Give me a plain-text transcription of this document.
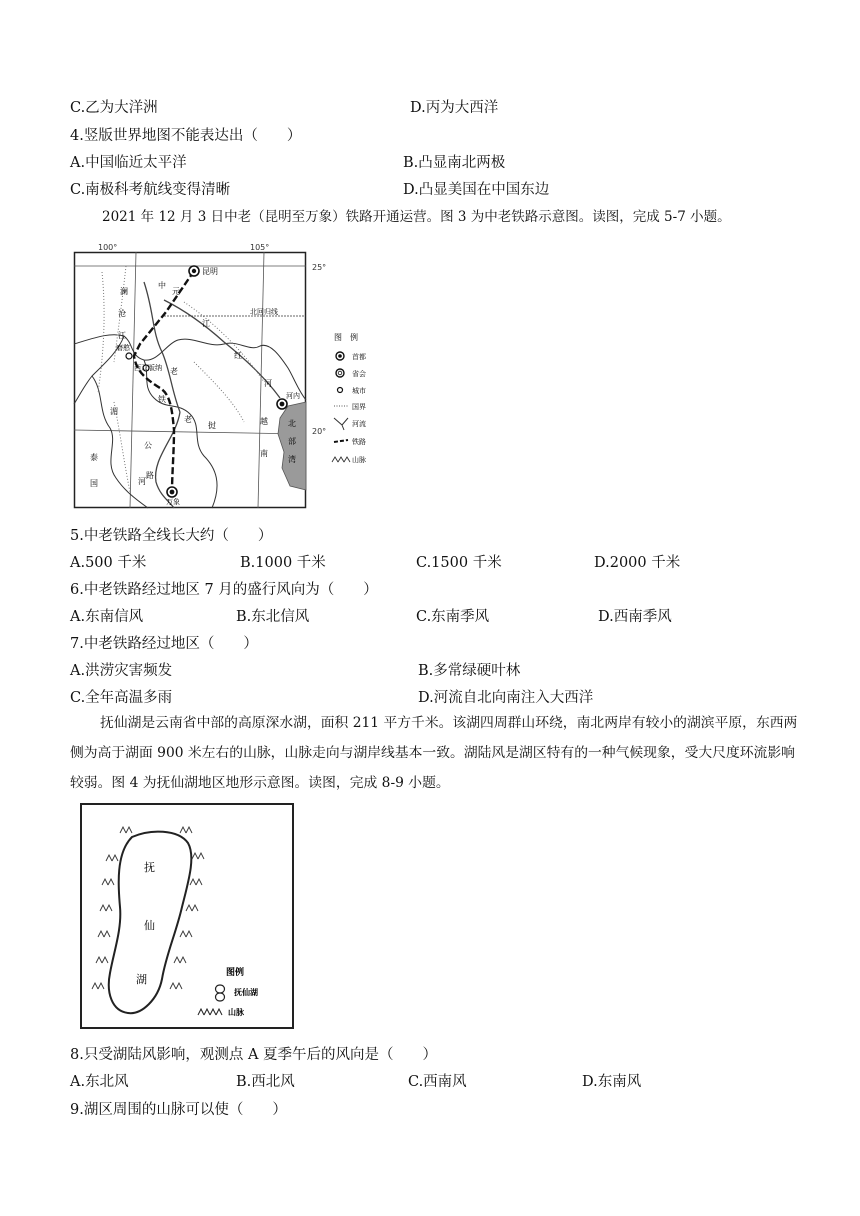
C.乙为大洋洲	D.丙为大西洋
4.竖版世界地图不能表达出（　　）
A.中国临近太平洋	B.凸显南北两极
C.南极科考航线变得清晰	D.凸显美国在中国东边
2021 年 12 月 3 日中老（昆明至万象）铁路开通运营。图 3 为中老铁路示意图。读图，完成 5-7 小题。
100°	105°
25°
20°
昆明
河内
万象
磨憨
西双版纳
北回归线
元
江
红
河
中
老
铁
路
澜
沧
江
湄
公
河
老
挝
泰
国
越
南
北
部
湾
图　例
首都
省会
城市
国界
河流
铁路
山脉
5.中老铁路全线长大约（　　）
A.500 千米	B.1000 千米	C.1500 千米	D.2000 千米
6.中老铁路经过地区 7 月的盛行风向为（　　）
A.东南信风	B.东北信风	C.东南季风	D.西南季风
7.中老铁路经过地区（　　）
A.洪涝灾害频发	B.多常绿硬叶林
C.全年高温多雨	D.河流自北向南注入大西洋
抚仙湖是云南省中部的高原深水湖，面积 211 平方千米。该湖四周群山环绕，南北两岸有较小的湖滨平原，东西两侧为高于湖面 900 米左右的山脉，山脉走向与湖岸线基本一致。湖陆风是湖区特有的一种气候现象，受大尺度环流影响较弱。图 4 为抚仙湖地区地形示意图。读图，完成 8-9 小题。
抚
仙
湖	图例
抚仙湖
山脉
8.只受湖陆风影响，观测点 A 夏季午后的风向是（　　）
A.东北风	B.西北风	C.西南风	D.东南风
9.湖区周围的山脉可以使（　　）
